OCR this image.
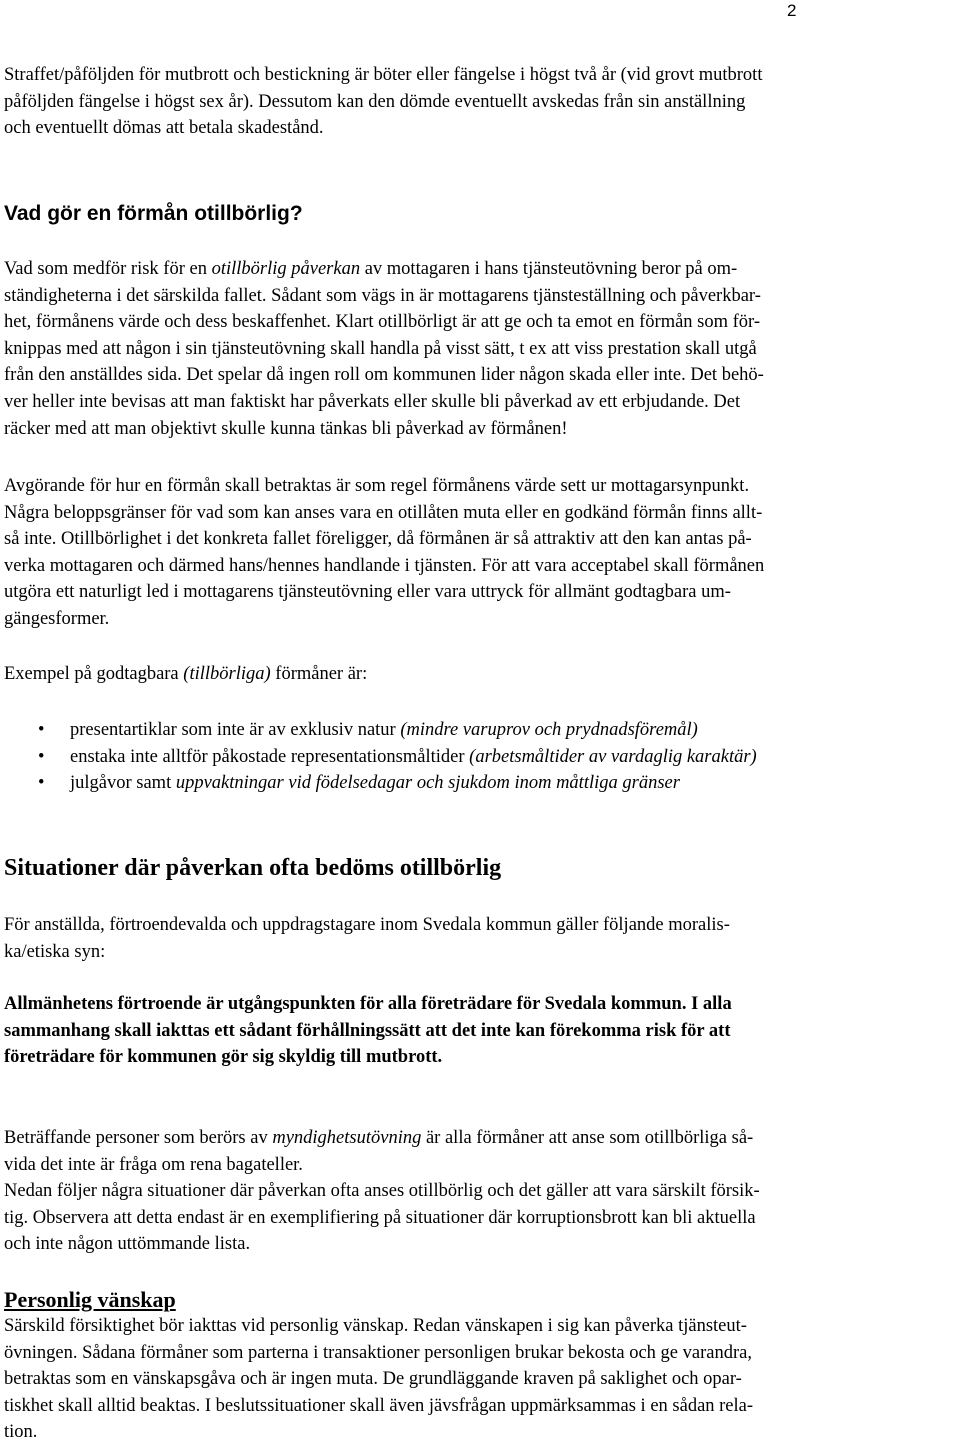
2
Straffet/påföljden för mutbrott och bestickning är böter eller fängelse i högst två år (vid grovt mutbrott
påföljden fängelse i högst sex år). Dessutom kan den dömde eventuellt avskedas från sin anställning
och eventuellt dömas att betala skadestånd.
Vad gör en förmån otillbörlig?
Vad som medför risk för en otillbörlig påverkan av mottagaren i hans tjänsteutövning beror på om-
ständigheterna i det särskilda fallet. Sådant som vägs in är mottagarens tjänsteställning och påverkbar-
het, förmånens värde och dess beskaffenhet. Klart otillbörligt är att ge och ta emot en förmån som för-
knippas med att någon i sin tjänsteutövning skall handla på visst sätt, t ex att viss prestation skall utgå
från den anställdes sida. Det spelar då ingen roll om kommunen lider någon skada eller inte. Det behö-
ver heller inte bevisas att man faktiskt har påverkats eller skulle bli påverkad av ett erbjudande. Det
räcker med att man objektivt skulle kunna tänkas bli påverkad av förmånen!
Avgörande för hur en förmån skall betraktas är som regel förmånens värde sett ur mottagarsynpunkt.
Några beloppsgränser för vad som kan anses vara en otillåten muta eller en godkänd förmån finns allt-
så inte. Otillbörlighet i det konkreta fallet föreligger, då förmånen är så attraktiv att den kan antas på-
verka mottagaren och därmed hans/hennes handlande i tjänsten. För att vara acceptabel skall förmånen
utgöra ett naturligt led i mottagarens tjänsteutövning eller vara uttryck för allmänt godtagbara um-
gängesformer.
Exempel på godtagbara (tillbörliga) förmåner är:
• presentartiklar som inte är av exklusiv natur (mindre varuprov och prydnadsföremål)
• enstaka inte alltför påkostade representationsmåltider (arbetsmåltider av vardaglig karaktär)
• julgåvor samt uppvaktningar vid födelsedagar och sjukdom inom måttliga gränser
Situationer där påverkan ofta bedöms otillbörlig
För anställda, förtroendevalda och uppdragstagare inom Svedala kommun gäller följande moralis-
ka/etiska syn:
Allmänhetens förtroende är utgångspunkten för alla företrädare för Svedala kommun. I alla
sammanhang skall iakttas ett sådant förhållningssätt att det inte kan förekomma risk för att
företrädare för kommunen gör sig skyldig till mutbrott.
Beträffande personer som berörs av myndighetsutövning är alla förmåner att anse som otillbörliga så-
vida det inte är fråga om rena bagateller.
Nedan följer några situationer där påverkan ofta anses otillbörlig och det gäller att vara särskilt försik-
tig. Observera att detta endast är en exemplifiering på situationer där korruptionsbrott kan bli aktuella
och inte någon uttömmande lista.
Personlig vänskap
Särskild försiktighet bör iakttas vid personlig vänskap. Redan vänskapen i sig kan påverka tjänsteut-
övningen. Sådana förmåner som parterna i transaktioner personligen brukar bekosta och ge varandra,
betraktas som en vänskapsgåva och är ingen muta. De grundläggande kraven på saklighet och opar-
tiskhet skall alltid beaktas. I beslutssituationer skall även jävsfrågan uppmärksammas i en sådan rela-
tion.
